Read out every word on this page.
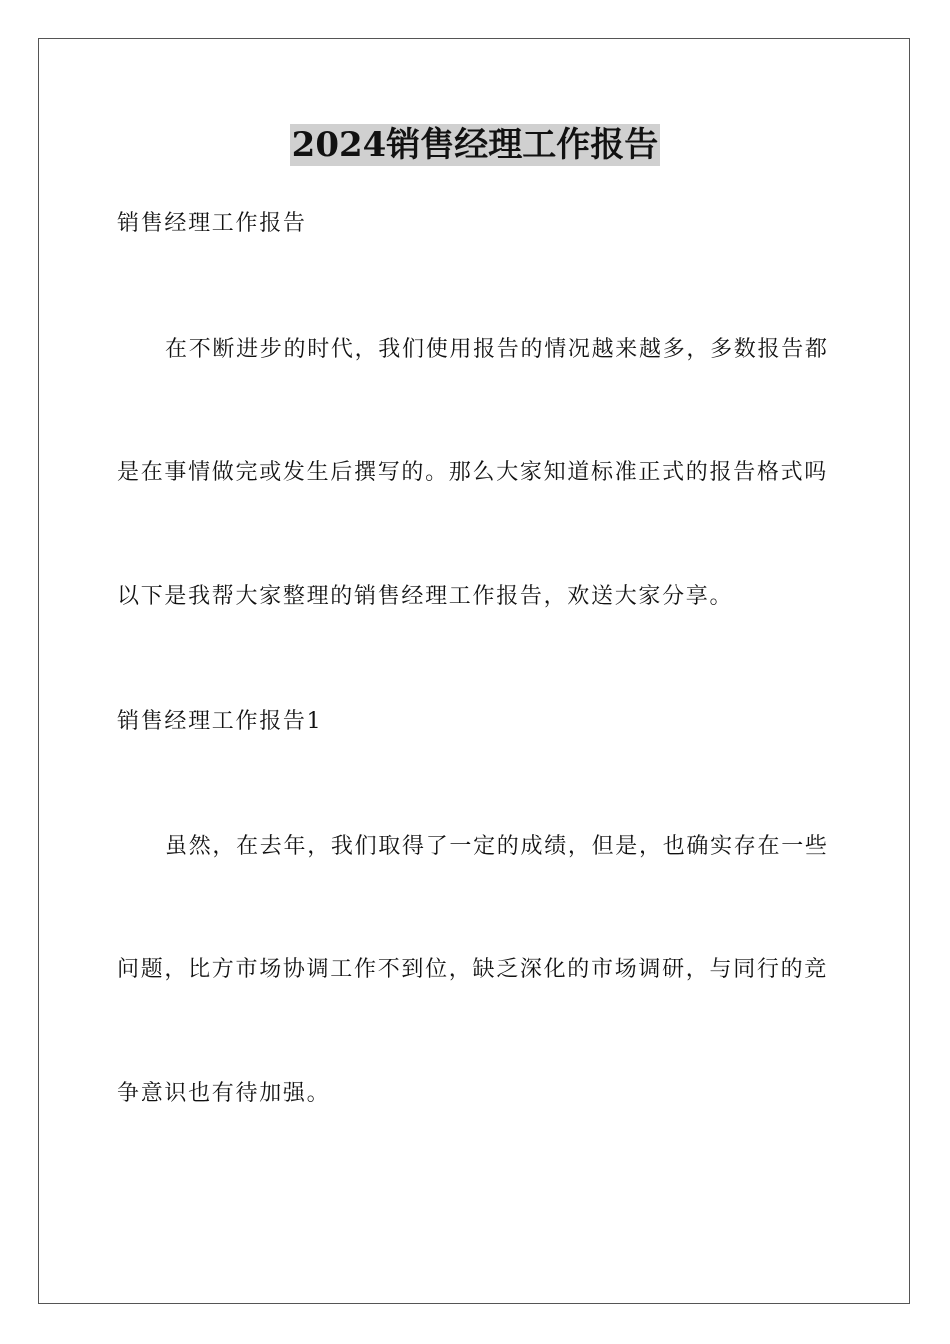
2024销售经理工作报告
销售经理工作报告
在不断进步的时代，我们使用报告的情况越来越多，多数报告都
是在事情做完或发生后撰写的。那么大家知道标准正式的报告格式吗
以下是我帮大家整理的销售经理工作报告，欢送大家分享。
销售经理工作报告1
虽然，在去年，我们取得了一定的成绩，但是，也确实存在一些
问题，比方市场协调工作不到位，缺乏深化的市场调研，与同行的竞
争意识也有待加强。
